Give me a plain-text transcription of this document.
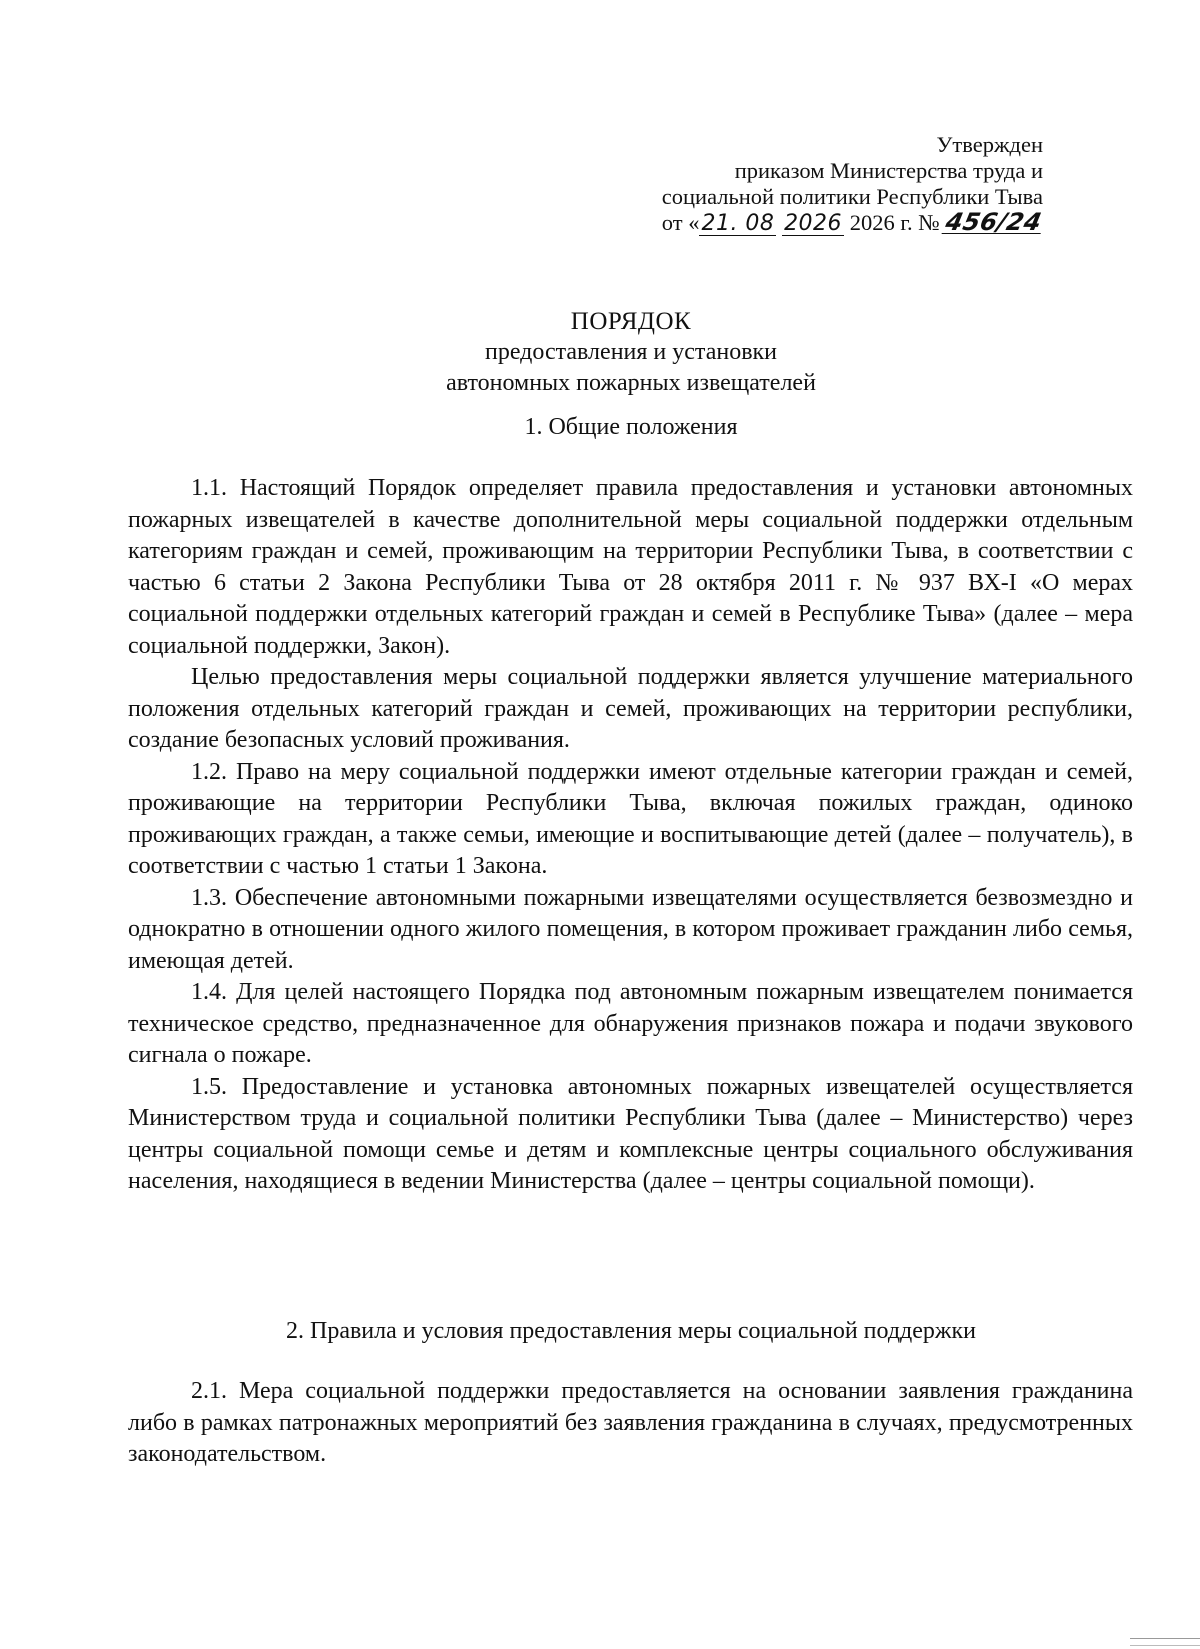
Утвержден
приказом Министерства труда и
социальной политики Республики Тыва
от «21. 08 2026 2026 г. № 456/24
ПОРЯДОК
предоставления и установки
автономных пожарных извещателей
1. Общие положения

1.1. Настоящий Порядок определяет правила предоставления и установки автономных пожарных извещателей в качестве дополнительной меры социальной поддержки отдельным категориям граждан и семей, проживающим на территории Республики Тыва, в соответствии с частью 6 статьи 2 Закона Республики Тыва от 28 октября 2011 г. № 937 ВХ-I «О мерах социальной поддержки отдельных категорий граждан и семей в Республике Тыва» (далее – мера социальной поддержки, Закон).

Целью предоставления меры социальной поддержки является улучшение материального положения отдельных категорий граждан и семей, проживающих на территории республики, создание безопасных условий проживания.

1.2. Право на меру социальной поддержки имеют отдельные категории граждан и семей, проживающие на территории Республики Тыва, включая пожилых граждан, одиноко проживающих граждан, а также семьи, имеющие и воспитывающие детей (далее – получатель), в соответствии с частью 1 статьи 1 Закона.

1.3. Обеспечение автономными пожарными извещателями осуществляется безвозмездно и однократно в отношении одного жилого помещения, в котором проживает гражданин либо семья, имеющая детей.

1.4. Для целей настоящего Порядка под автономным пожарным извещателем понимается техническое средство, предназначенное для обнаружения признаков пожара и подачи звукового сигнала о пожаре.

1.5. Предоставление и установка автономных пожарных извещателей осуществляется Министерством труда и социальной политики Республики Тыва (далее – Министерство) через центры социальной помощи семье и детям и комплексные центры социального обслуживания населения, находящиеся в ведении Министерства (далее – центры социальной помощи).

2. Правила и условия предоставления меры социальной поддержки

2.1. Мера социальной поддержки предоставляется на основании заявления гражданина либо в рамках патронажных мероприятий без заявления гражданина в случаях, предусмотренных законодательством.
